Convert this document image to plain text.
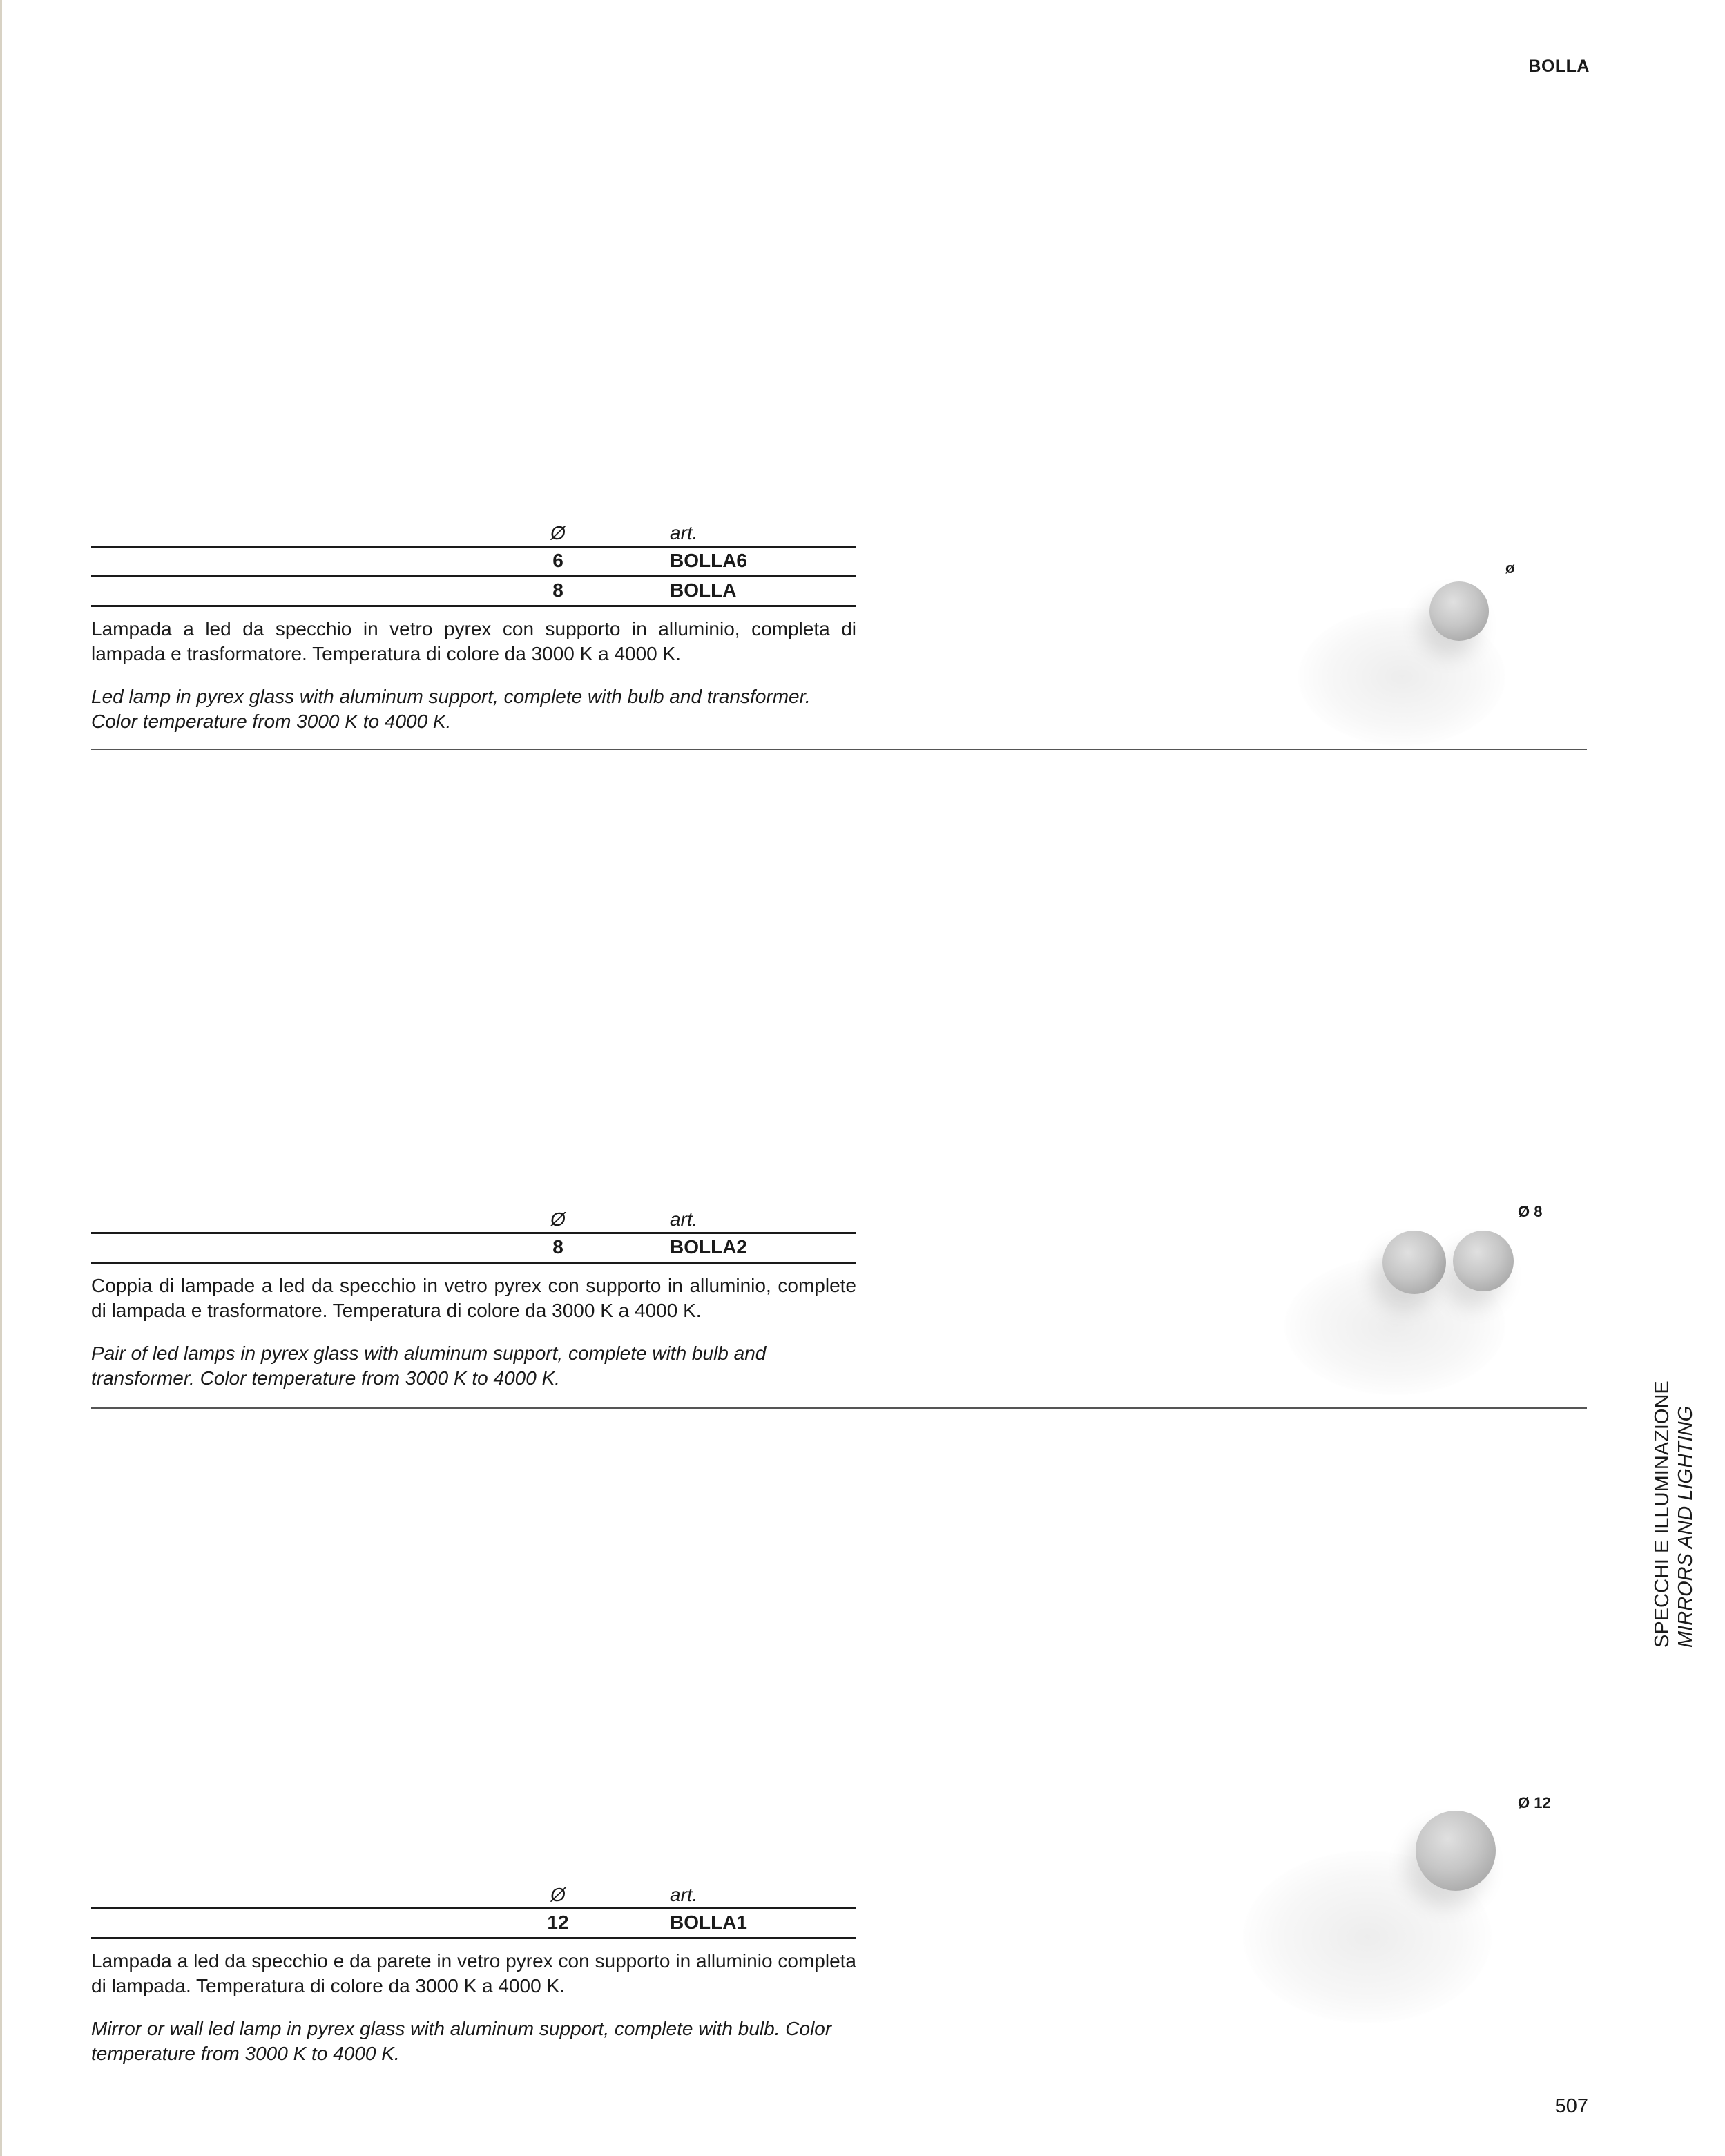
BOLLA
Ø	art.
6	BOLLA6
8	BOLLA
Lampada a led da specchio in vetro pyrex con supporto in alluminio, completa di lampada e trasformatore. Temperatura di colore da 3000 K a 4000 K.
Led lamp in pyrex glass with aluminum support, complete with bulb and transformer. Color temperature from 3000 K to 4000 K.
ø
Ø	art.
8	BOLLA2
Coppia di lampade a led da specchio in vetro pyrex con supporto in alluminio, complete di lampada e trasformatore. Temperatura di colore da 3000 K a 4000 K.
Pair of led lamps in pyrex glass with aluminum support, complete with bulb and transformer. Color temperature from 3000 K to 4000 K.
Ø 8
Ø	art.
12	BOLLA1
Lampada a led da specchio e da parete in vetro pyrex con supporto in alluminio completa di lampada. Temperatura di colore da 3000 K a 4000 K.
Mirror or wall led lamp in pyrex glass with aluminum support, complete with bulb. Color temperature from 3000 K to 4000 K.
Ø 12
SPECCHI E ILLUMINAZIONE MIRRORS AND LIGHTING
507
